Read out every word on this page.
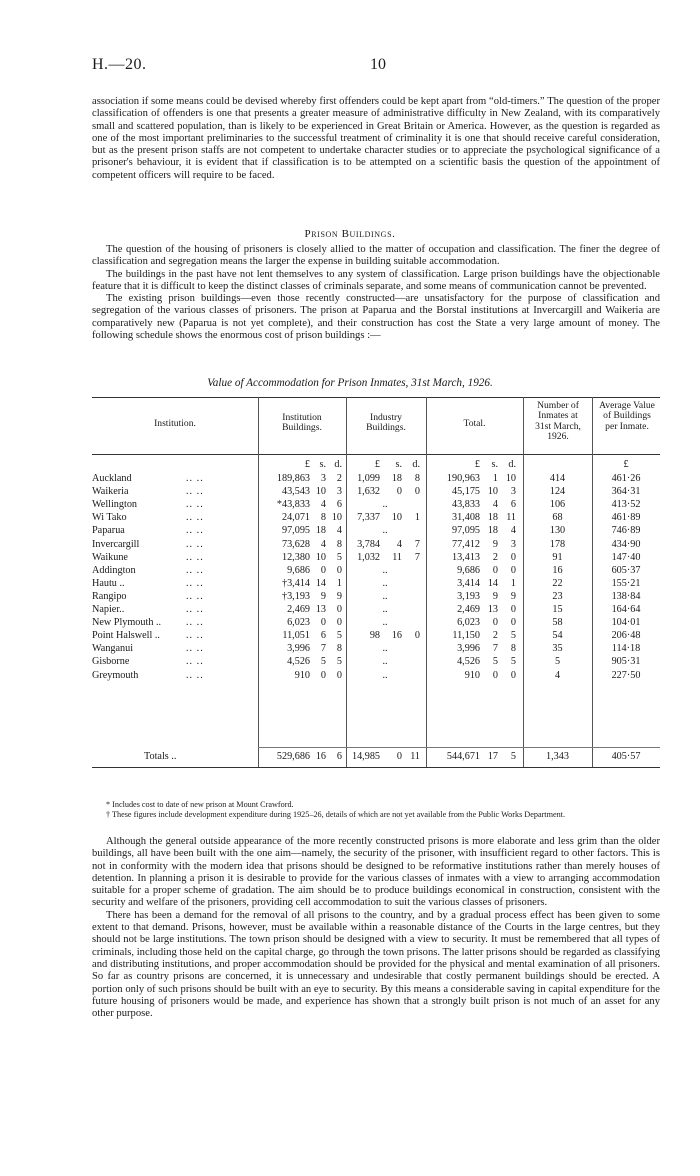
H.—20.	10

association if some means could be devised whereby first offenders could be kept apart from “old-timers.” The question of the proper classification of offenders is one that presents a greater measure of administrative difficulty in New Zealand, with its comparatively small and scattered population, than is likely to be experienced in Great Britain or America. However, as the question is regarded as one of the most important preliminaries to the successful treatment of criminality it is one that should receive careful consideration, but as the present prison staffs are not competent to undertake character studies or to appreciate the psychological significance of a prisoner's behaviour, it is evident that if classification is to be attempted on a scientific basis the question of the appointment of competent officers will require to be faced.

Prison Buildings.

The question of the housing of prisoners is closely allied to the matter of occupation and classification. The finer the degree of classification and segregation means the larger the expense in building suitable accommodation.

The buildings in the past have not lent themselves to any system of classification. Large prison buildings have the objectionable feature that it is difficult to keep the distinct classes of criminals separate, and some means of communication cannot be prevented.

The existing prison buildings—even those recently constructed—are unsatisfactory for the purpose of classification and segregation of the various classes of prisoners. The prison at Paparua and the Borstal institutions at Invercargill and Waikeria are comparatively new (Paparua is not yet complete), and their construction has cost the State a very large amount of money. The following schedule shows the enormous cost of prison buildings :—

Value of Accommodation for Prison Inmates, 31st March, 1926.
Institution.
Institution Buildings.
Industry Buildings.	Total.
Number of Inmates at 31st March, 1926.
Average Value of Buildings per Inmate.
£ s. d.	£	s.	d.	£	s.	d.	£
Auckland	.. ..	189,863	3	2	1,099	18	8	190,963	1 10	414	461·26
Waikeria	.. ..	43,543 10	3	1,632	0	0	45,175 10	3	124	364·31
Wellington	.. ..	*43,833	4	6	..	43,833	4	6	106	413·52
Wi Tako	.. ..	24,071	8 10	7,337	10	1	31,408 18 11	68	461·89
Paparua	.. ..	97,095 18	4	..	97,095 18	4	130	746·89
Invercargill	.. ..	73,628	4	8	3,784	4	7	77,412	9	3	178	434·90
Waikune	.. ..	12,380 10	5	1,032	11	7	13,413	2	0	91	147·40
Addington	.. ..	9,686	0	0	..	9,686	0	0	16	605·37
Hautu ..	.. ..	†3,414 14	1	..	3,414 14	1	22	155·21
Rangipo	.. ..	†3,193	9	9	..	3,193	9	9	23	138·84
Napier..	.. ..	2,469 13	0	..	2,469 13	0	15	164·64
New Plymouth .. .. ..	6,023	0	0	..	6,023	0	0	58	104·01
Point Halswell ..	.. ..	11,051	6	5	98	16	0	11,150	2	5	54	206·48
Wanganui	.. ..	3,996	7	8	..	3,996	7	8	35	114·18
Gisborne	.. ..	4,526	5	5	..	4,526	5	5	5	905·31
Greymouth	.. ..	910	0	0	..	910	0	0	4	227·50
Totals ..	529,686 16	6 14,985	0 11	544,671 17	5	1,343	405·57

* Includes cost to date of new prison at Mount Crawford.

† These figures include development expenditure during 1925–26, details of which are not yet available from the Public Works Department.

Although the general outside appearance of the more recently constructed prisons is more elaborate and less grim than the older buildings, all have been built with the one aim—namely, the security of the prisoner, with insufficient regard to other factors. This is not in conformity with the modern idea that prisons should be designed to be reformative institutions rather than merely houses of detention. In planning a prison it is desirable to provide for the various classes of inmates with a view to arranging accommodation suitable for a proper scheme of gradation. The aim should be to produce buildings economical in construction, consistent with the security and welfare of the prisoners, providing cell accommodation to suit the various classes of prisoners.

There has been a demand for the removal of all prisons to the country, and by a gradual process effect has been given to some extent to that demand. Prisons, however, must be available within a reasonable distance of the Courts in the large centres, but they should not be large institutions. The town prison should be designed with a view to security. It must be remembered that all types of criminals, including those held on the capital charge, go through the town prisons. The latter prisons should be regarded as classifying and distributing institutions, and proper accommodation should be provided for the physical and mental examination of all prisoners. So far as country prisons are concerned, it is unnecessary and undesirable that costly permanent buildings should be erected. A portion only of such prisons should be built with an eye to security. By this means a considerable saving in capital expenditure for the future housing of prisoners would be made, and experience has shown that a strongly built prison is not much of an asset for any other purpose.
